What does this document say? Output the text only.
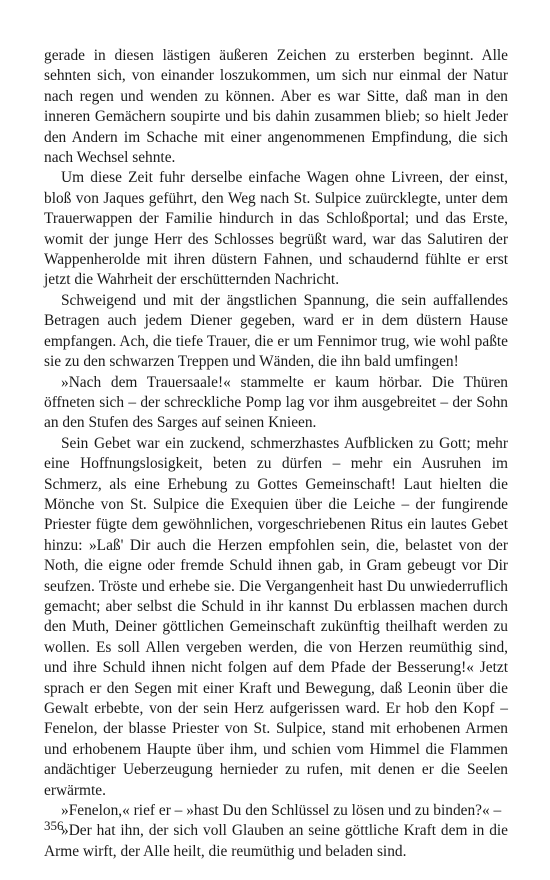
gerade in diesen lästigen äußeren Zeichen zu ersterben beginnt. Alle sehnten sich, von einander loszukommen, um sich nur einmal der Natur nach regen und wenden zu können. Aber es war Sitte, daß man in den inneren Gemächern soupirte und bis dahin zusammen blieb; so hielt Jeder den Andern im Schache mit einer angenommenen Empfindung, die sich nach Wechsel sehnte.

Um diese Zeit fuhr derselbe einfache Wagen ohne Livreen, der einst, bloß von Jaques geführt, den Weg nach St. Sulpice zuürcklegte, unter dem Trauerwappen der Familie hindurch in das Schloßportal; und das Erste, womit der junge Herr des Schlosses begrüßt ward, war das Salutiren der Wappenherolde mit ihren düstern Fahnen, und schaudernd fühlte er erst jetzt die Wahrheit der erschütternden Nachricht.

Schweigend und mit der ängstlichen Spannung, die sein auffallendes Betragen auch jedem Diener gegeben, ward er in dem düstern Hause empfangen. Ach, die tiefe Trauer, die er um Fennimor trug, wie wohl paßte sie zu den schwarzen Treppen und Wänden, die ihn bald umfingen!

»Nach dem Trauersaale!« stammelte er kaum hörbar. Die Thüren öffneten sich – der schreckliche Pomp lag vor ihm ausgebreitet – der Sohn an den Stufen des Sarges auf seinen Knieen.

Sein Gebet war ein zuckend, schmerzhastes Aufblicken zu Gott; mehr eine Hoffnungslosigkeit, beten zu dürfen – mehr ein Ausruhen im Schmerz, als eine Erhebung zu Gottes Gemeinschaft! Laut hielten die Mönche von St. Sulpice die Exequien über die Leiche – der fungirende Priester fügte dem gewöhnlichen, vorgeschriebenen Ritus ein lautes Gebet hinzu: »Laß' Dir auch die Herzen empfohlen sein, die, belastet von der Noth, die eigne oder fremde Schuld ihnen gab, in Gram gebeugt vor Dir seufzen. Tröste und erhebe sie. Die Vergangenheit hast Du unwiederruflich gemacht; aber selbst die Schuld in ihr kannst Du erblassen machen durch den Muth, Deiner göttlichen Gemeinschaft zukünftig theilhaft werden zu wollen. Es soll Allen vergeben werden, die von Herzen reumüthig sind, und ihre Schuld ihnen nicht folgen auf dem Pfade der Besserung!« Jetzt sprach er den Segen mit einer Kraft und Bewegung, daß Leonin über die Gewalt erbebte, von der sein Herz aufgerissen ward. Er hob den Kopf – Fenelon, der blasse Priester von St. Sulpice, stand mit erhobenen Armen und erhobenem Haupte über ihm, und schien vom Himmel die Flammen andächtiger Ueberzeugung hernieder zu rufen, mit denen er die Seelen erwärmte.

»Fenelon,« rief er – »hast Du den Schlüssel zu lösen und zu binden?« –

»Der hat ihn, der sich voll Glauben an seine göttliche Kraft dem in die Arme wirft, der Alle heilt, die reumüthig und beladen sind.

356
